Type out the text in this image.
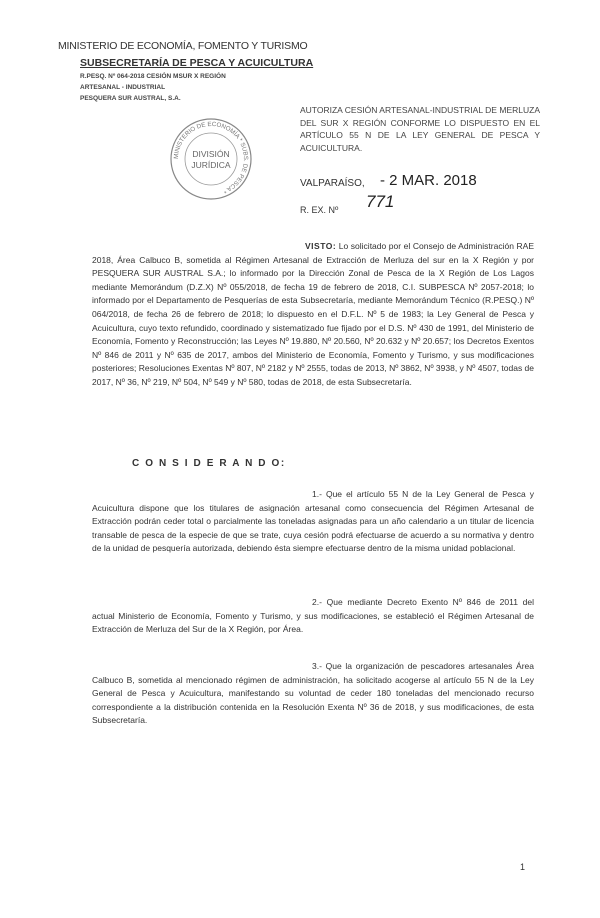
MINISTERIO DE ECONOMÍA, FOMENTO Y TURISMO
SUBSECRETARÍA DE PESCA Y ACUICULTURA
R.PESQ. Nº 064-2018 CESIÓN MSUR X REGIÓN
ARTESANAL - INDUSTRIAL
PESQUERA SUR AUSTRAL, S.A.
AUTORIZA CESIÓN ARTESANAL-INDUSTRIAL DE MERLUZA DEL SUR X REGIÓN CONFORME LO DISPUESTO EN EL ARTÍCULO 55 N DE LA LEY GENERAL DE PESCA Y ACUICULTURA.
MINISTERIO DE ECONOMÍA * SUBS. DE PESCA *
DIVISIÓN
JURÍDICA
VALPARAÍSO, - 2 MAR. 2018
R. EX. Nº 771
VISTO: Lo solicitado por el Consejo de Administración RAE 2018, Área Calbuco B, sometida al Régimen Artesanal de Extracción de Merluza del sur en la X Región y por PESQUERA SUR AUSTRAL S.A.; lo informado por la Dirección Zonal de Pesca de la X Región de Los Lagos mediante Memorándum (D.Z.X) Nº 055/2018, de fecha 19 de febrero de 2018, C.I. SUBPESCA Nº 2057-2018; lo informado por el Departamento de Pesquerías de esta Subsecretaría, mediante Memorándum Técnico (R.PESQ.) Nº 064/2018, de fecha 26 de febrero de 2018; lo dispuesto en el D.F.L. Nº 5 de 1983; la Ley General de Pesca y Acuicultura, cuyo texto refundido, coordinado y sistematizado fue fijado por el D.S. Nº 430 de 1991, del Ministerio de Economía, Fomento y Reconstrucción; las Leyes Nº 19.880, Nº 20.560, Nº 20.632 y Nº 20.657; los Decretos Exentos Nº 846 de 2011 y Nº 635 de 2017, ambos del Ministerio de Economía, Fomento y Turismo, y sus modificaciones posteriores; Resoluciones Exentas Nº 807, Nº 2182 y Nº 2555, todas de 2013, Nº 3862, Nº 3938, y Nº 4507, todas de 2017, Nº 36, Nº 219, Nº 504, Nº 549 y Nº 580, todas de 2018, de esta Subsecretaría.
C O N S I D E R A N D O:
1.- Que el artículo 55 N de la Ley General de Pesca y Acuicultura dispone que los titulares de asignación artesanal como consecuencia del Régimen Artesanal de Extracción podrán ceder total o parcialmente las toneladas asignadas para un año calendario a un titular de licencia transable de pesca de la especie de que se trate, cuya cesión podrá efectuarse de acuerdo a su normativa y dentro de la unidad de pesquería autorizada, debiendo ésta siempre efectuarse dentro de la misma unidad poblacional.
2.- Que mediante Decreto Exento Nº 846 de 2011 del actual Ministerio de Economía, Fomento y Turismo, y sus modificaciones, se estableció el Régimen Artesanal de Extracción de Merluza del Sur de la X Región, por Área.
3.- Que la organización de pescadores artesanales Área Calbuco B, sometida al mencionado régimen de administración, ha solicitado acogerse al artículo 55 N de la Ley General de Pesca y Acuicultura, manifestando su voluntad de ceder 180 toneladas del mencionado recurso correspondiente a la distribución contenida en la Resolución Exenta Nº 36 de 2018, y sus modificaciones, de esta Subsecretaría.
1
